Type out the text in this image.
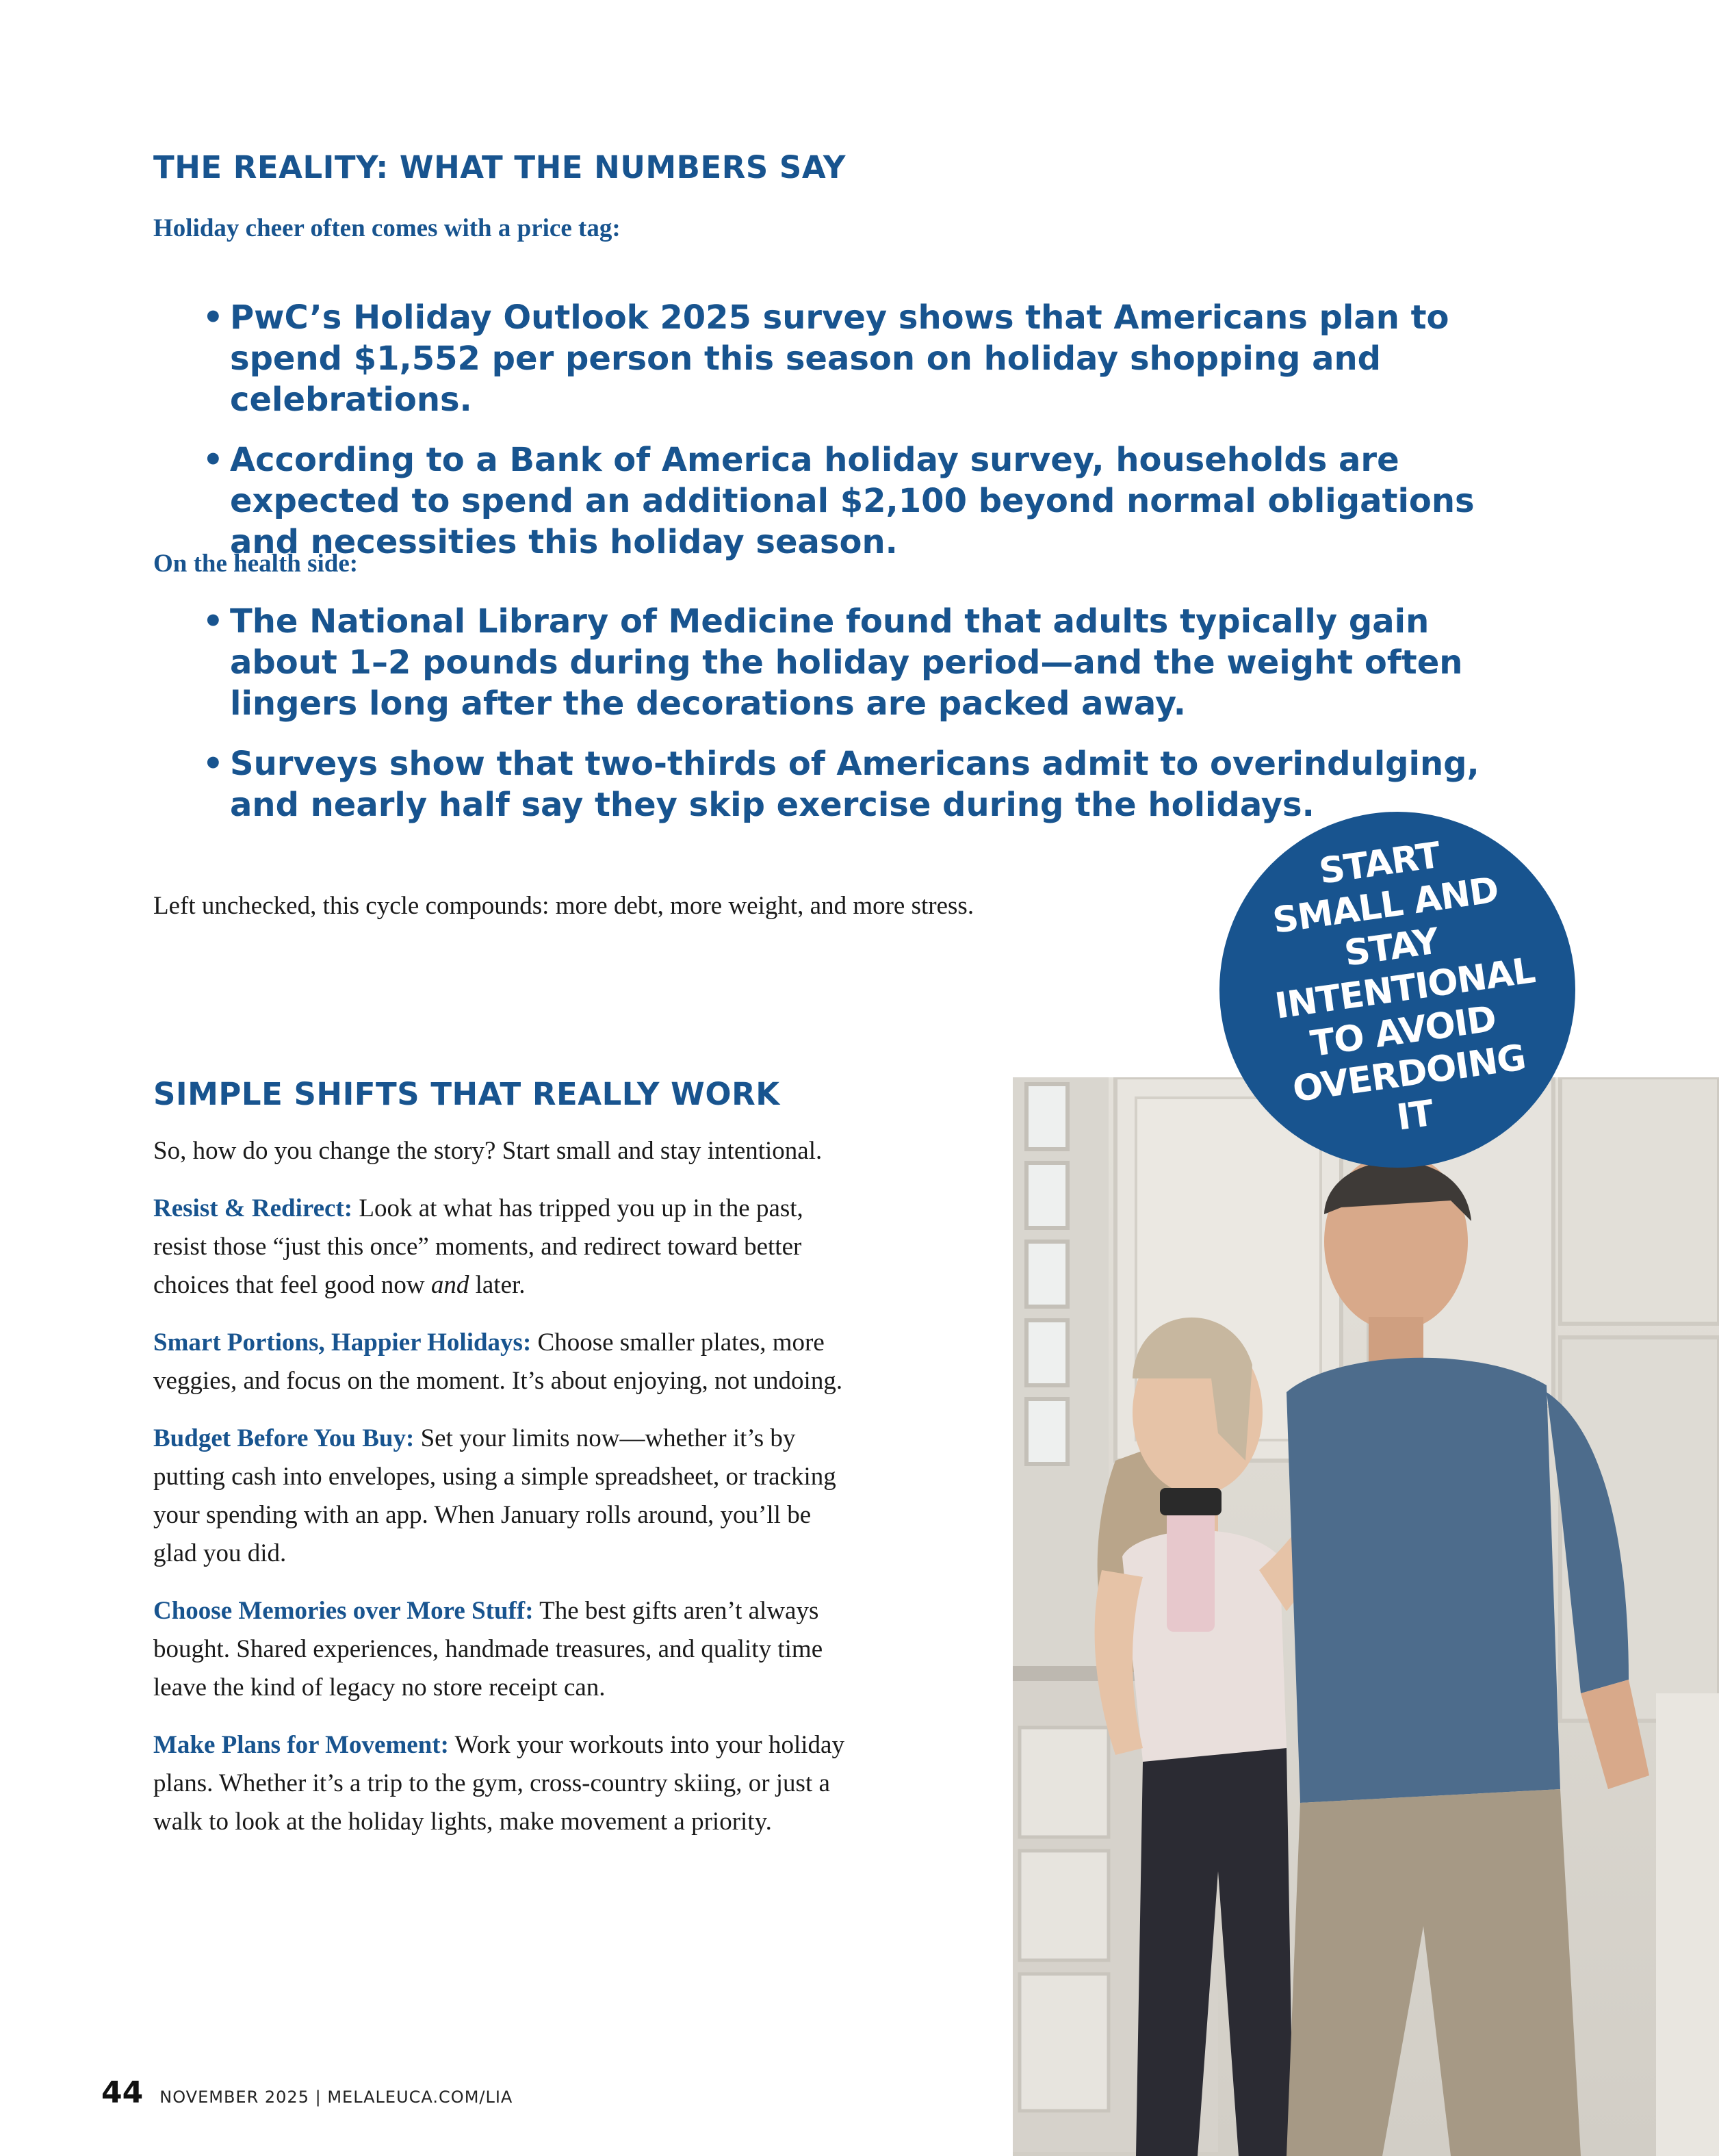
THE REALITY: WHAT THE NUMBERS SAY

Holiday cheer often comes with a price tag:

• PwC’s Holiday Outlook 2025 survey shows that Americans plan to spend $1,552 per person this season on holiday shopping and celebrations.
• According to a Bank of America holiday survey, households are expected to spend an additional $2,100 beyond normal obligations and necessities this holiday season.

On the health side:

• The National Library of Medicine found that adults typically gain about 1–2 pounds during the holiday period—and the weight often lingers long after the decorations are packed away.
• Surveys show that two-thirds of Americans admit to overindulging, and nearly half say they skip exercise during the holidays.

Left unchecked, this cycle compounds: more debt, more weight, and more stress.

START SMALL AND STAY INTENTIONAL TO AVOID OVERDOING IT
SIMPLE SHIFTS THAT REALLY WORK

So, how do you change the story? Start small and stay intentional.

Resist & Redirect: Look at what has tripped you up in the past, resist those “just this once” moments, and redirect toward better choices that feel good now and later.

Smart Portions, Happier Holidays: Choose smaller plates, more veggies, and focus on the moment. It’s about enjoying, not undoing.

Budget Before You Buy: Set your limits now—whether it’s by putting cash into envelopes, using a simple spreadsheet, or tracking your spending with an app. When January rolls around, you’ll be glad you did.

Choose Memories over More Stuff: The best gifts aren’t always bought. Shared experiences, handmade treasures, and quality time leave the kind of legacy no store receipt can.

Make Plans for Movement: Work your workouts into your holiday plans. Whether it’s a trip to the gym, cross-country skiing, or just a walk to look at the holiday lights, make movement a priority.

44 NOVEMBER 2025 | MELALEUCA.COM/LIA
